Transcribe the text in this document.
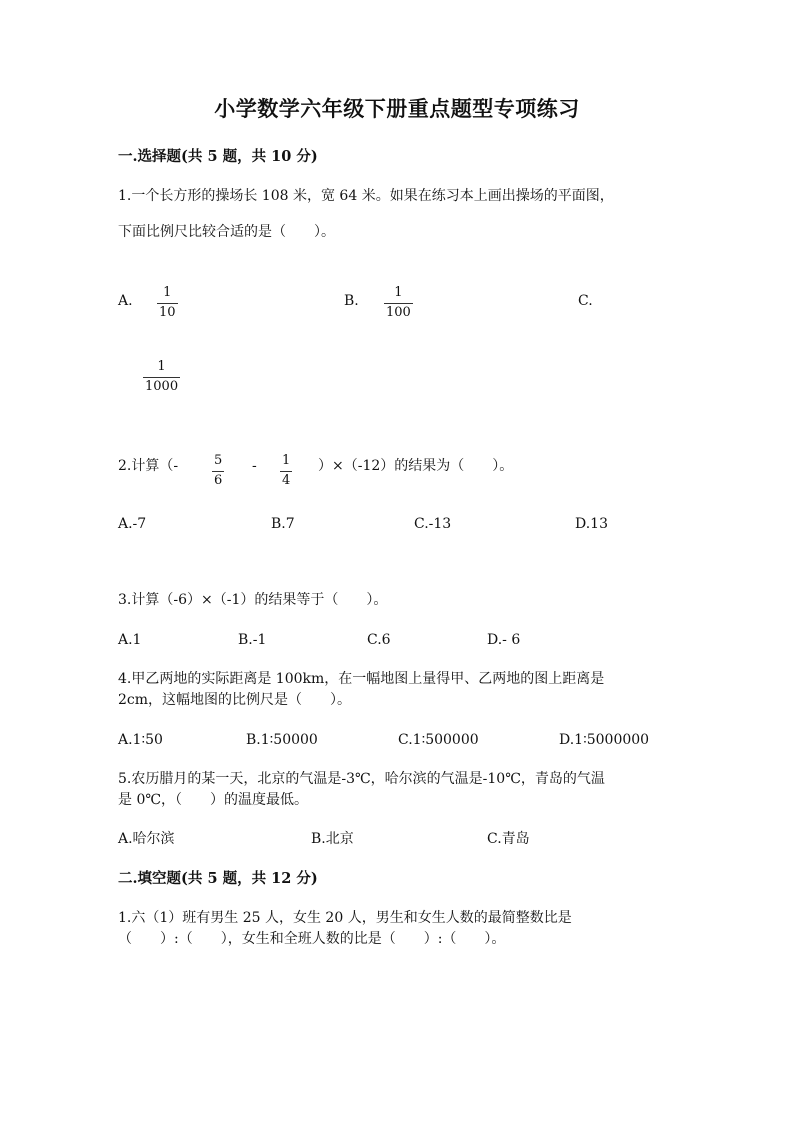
小学数学六年级下册重点题型专项练习
一.选择题(共 5 题，共 10 分)
1.一个长方形的操场长 108 米，宽 64 米。如果在练习本上画出操场的平面图，
下面比例尺比较合适的是（　　）。
A. $\frac{1}{10}$	B. $\frac{1}{100}$	C.
$\frac{1}{1000}$
2.计算（-	$\frac{5}{6} - \frac{1}{4} )\times(-12)$的结果为（　　）。
A.-7	B.7	C.-13	D.13
3.计算（-6）×（-1）的结果等于（　　）。
A.1	B.-1	C.6	D.- 6
4.甲乙两地的实际距离是 100km，在一幅地图上量得甲、乙两地的图上距离是
2cm，这幅地图的比例尺是（　　）。
A.1∶50	B.1∶50000	C.1∶500000	D.1∶5000000
5.农历腊月的某一天，北京的气温是-3℃，哈尔滨的气温是-10℃，青岛的气温
是 0℃，（　　）的温度最低。
A.哈尔滨	B.北京	C.青岛
二.填空题(共 5 题，共 12 分)
1.六（1）班有男生 25 人，女生 20 人，男生和女生人数的最简整数比是
（　　）:（　　），女生和全班人数的比是（　　）:（　　）。
